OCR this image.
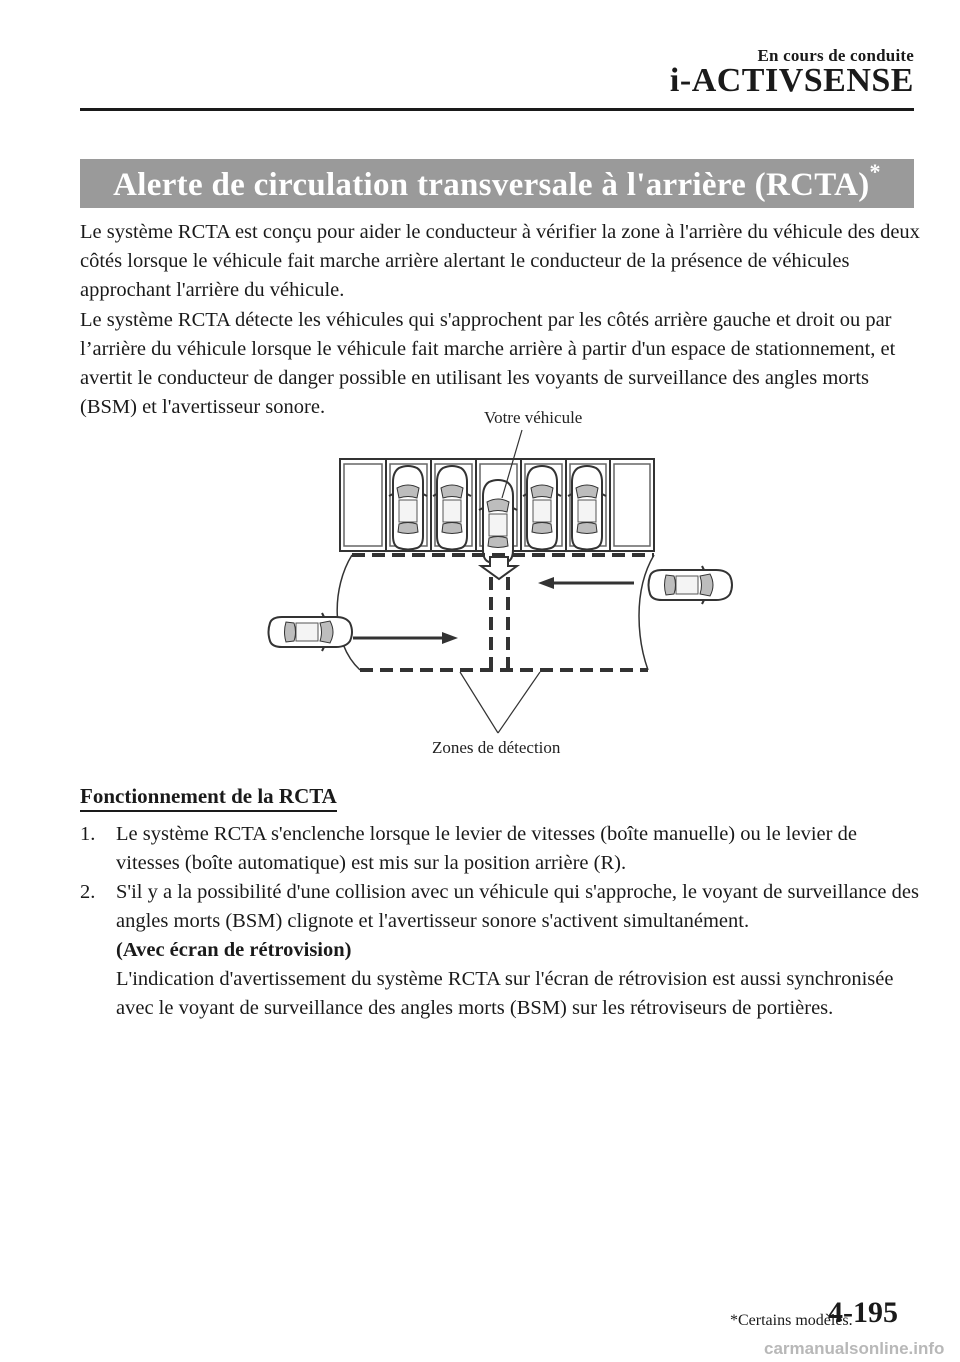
En cours de conduite
i-ACTIVSENSE
Alerte de circulation transversale à l'arrière (RCTA)*

Le système RCTA est conçu pour aider le conducteur à vérifier la zone à l'arrière du véhicule des deux côtés lorsque le véhicule fait marche arrière alertant le conducteur de la présence de véhicules approchant l'arrière du véhicule.

Le système RCTA détecte les véhicules qui s'approchent par les côtés arrière gauche et droit ou par l’arrière du véhicule lorsque le véhicule fait marche arrière à partir d'un espace de stationnement, et avertit le conducteur de danger possible en utilisant les voyants de surveillance des angles morts (BSM) et l'avertisseur sonore.	Votre véhicule
Zones de détection
Fonctionnement de la RCTA
1. Le système RCTA s'enclenche lorsque le levier de vitesses (boîte manuelle) ou le levier de vitesses (boîte automatique) est mis sur la position arrière (R).
2. S'il y a la possibilité d'une collision avec un véhicule qui s'approche, le voyant de surveillance des angles morts (BSM) clignote et l'avertisseur sonore s'activent simultanément.
(Avec écran de rétrovision)
L'indication d'avertissement du système RCTA sur l'écran de rétrovision est aussi synchronisée avec le voyant de surveillance des angles morts (BSM) sur les rétroviseurs de portières.
*Certains modèles.
4-195
carmanualsonline.info
